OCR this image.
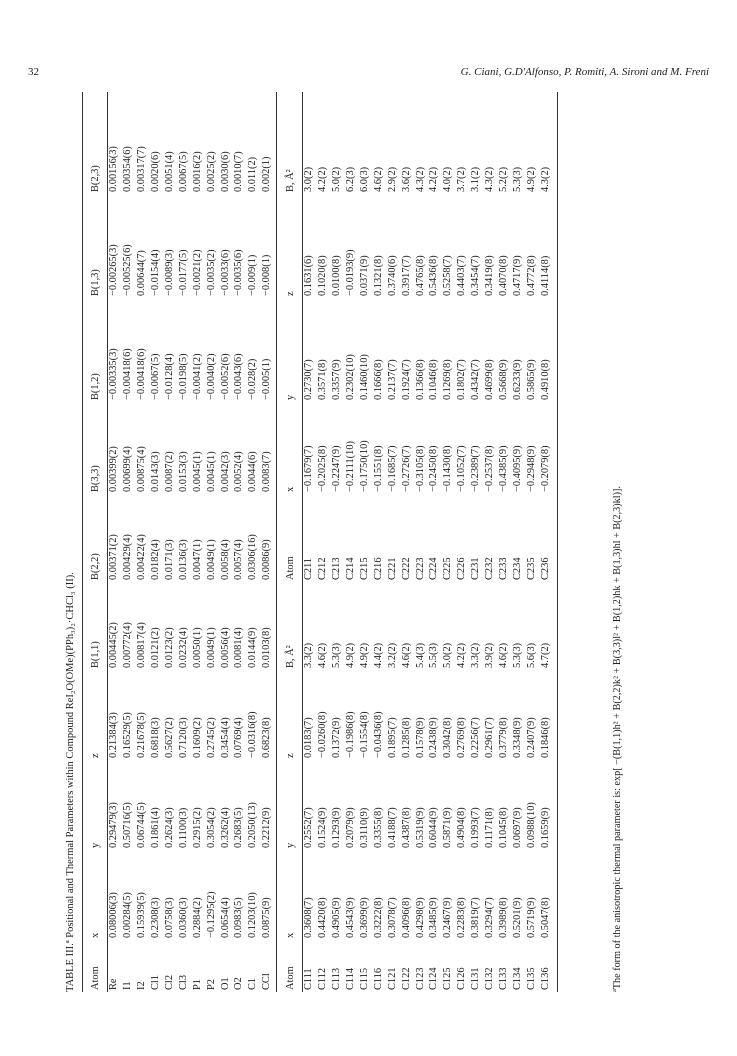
32	G. Ciani, G.D'Alfonso, P. Romiti, A. Sironi and M. Freni
TABLE III.ª Positional and Thermal Parameters within Compound ReI₂O(OMe)(PPh₃)₂·CHCl₃ (II).	Atom	x	y	z	B(1,1)	B(2,2)	B(3,3)	B(1,2)	B(1,3)	B(2,3)
Re	0.08006(3)	0.29479(3)	0.21384(3)	0.00445(2)	0.00371(2)	0.00399(2)	−0.00335(3)	−0.00265(3)	0.00156(3)
I1	0.00284(5)	0.50716(5)	0.16529(5)	0.00772(4)	0.00429(4)	0.00699(4)	−0.00418(6)	−0.00525(6)	0.00354(6)
I2	0.15939(5)	0.06744(5)	0.21678(5)	0.00817(4)	0.00422(4)	0.00875(4)	−0.00418(6)	0.00644(7)	0.00317(7)
Cl1	0.2308(3)	0.1861(4)	0.6818(3)	0.0121(2)	0.0182(4)	0.0143(3)	−0.0067(5)	−0.0154(4)	0.0020(6)
Cl2	0.0758(3)	0.2624(3)	0.5627(2)	0.0123(2)	0.0171(3)	0.0087(2)	−0.0128(4)	−0.0089(3)	0.0051(4)
Cl3	0.0360(3)	0.1100(3)	0.7120(3)	0.0232(4)	0.0136(3)	0.0153(3)	−0.0198(5)	−0.0177(5)	0.0067(5)
P1	0.2884(2)	0.2915(2)	0.1609(2)	0.0050(1)	0.0047(1)	0.0045(1)	−0.0041(2)	−0.0021(2)	0.0016(2)
P2	−0.1295(2)	0.3054(2)	0.2745(2)	0.0049(1)	0.0049(1)	0.0045(1)	−0.0040(2)	−0.0035(2)	0.0025(2)
O1	0.0654(4)	0.3262(4)	0.3454(4)	0.0056(4)	0.0058(4)	0.0042(3)	−0.0052(6)	−0.0033(6)	0.0030(6)
O2	0.0983(5)	0.2683(5)	0.0769(4)	0.0081(4)	0.0057(4)	0.0052(4)	−0.0043(6)	−0.0035(6)	0.0010(7)
C1	0.1203(10)	0.2050(13)	−0.0316(8)	0.0144(9)	0.0306(16)	0.0044(6)	−0.028(2)	−0.009(1)	0.011(2)
CCl	0.0875(9)	0.2212(9)	0.6823(8)	0.0103(8)	0.0086(9)	0.0083(7)	−0.005(1)	−0.008(1)	0.002(1)
Atom	x	y	z	B, Å²	Atom	x	y	z	B, Å²
C111	0.3608(7)	0.2552(7)	0.0183(7)	3.3(2)	C211	−0.1679(7)	0.2730(7)	0.1631(6)	3.0(2)
C112	0.4420(8)	0.1524(9)	−0.0260(8)	4.6(2)	C212	−0.2025(8)	0.3571(8)	0.1020(8)	4.2(2)
C113	0.4905(9)	0.1293(9)	0.1372(9)	5.3(3)	C213	−0.2247(9)	0.3357(9)	0.0100(8)	5.0(2)
C114	0.4543(9)	0.2079(9)	−0.1986(8)	4.9(2)	C214	−0.2111(10)	0.2302(10)	−0.0193(9)	6.2(3)
C115	0.3699(9)	0.3110(9)	−0.1554(8)	4.9(2)	C215	−0.1750(10)	0.1460(10)	0.0371(9)	6.0(3)
C116	0.3222(8)	0.3355(8)	−0.0436(8)	4.4(2)	C216	−0.1551(8)	0.1666(8)	0.1321(8)	4.6(2)
C121	0.3078(7)	0.4188(7)	0.1895(7)	3.2(2)	C221	−0.1685(7)	0.2137(7)	0.3740(6)	2.9(2)
C122	0.4096(8)	0.4387(8)	0.1285(8)	4.6(2)	C222	−0.2726(7)	0.1924(7)	0.3917(7)	3.6(2)
C123	0.4298(9)	0.5319(9)	0.1578(9)	5.4(3)	C223	−0.3105(8)	0.1366(8)	0.4765(8)	4.3(2)
C124	0.3485(9)	0.6044(9)	0.2438(9)	5.5(3)	C224	−0.2450(8)	0.1046(8)	0.5436(8)	4.2(2)
C125	0.2467(9)	0.5871(9)	0.3042(8)	5.0(2)	C225	−0.1430(8)	0.1269(8)	0.5258(7)	4.0(2)
C126	0.2283(8)	0.4904(8)	0.2769(8)	4.2(2)	C226	−0.1052(7)	0.1802(7)	0.4403(7)	3.7(2)
C131	0.3819(7)	0.1993(7)	0.2256(7)	3.3(2)	C231	−0.2389(7)	0.4342(7)	0.3454(7)	3.1(2)
C132	0.3294(7)	0.1171(8)	0.2961(7)	3.9(2)	C232	−0.2537(8)	0.4699(8)	0.3419(8)	4.3(2)
C133	0.3989(8)	0.1045(8)	0.3779(8)	4.6(2)	C233	−0.4385(9)	0.5668(9)	0.4070(8)	5.2(2)
C134	0.5201(9)	0.0697(9)	0.3348(9)	5.3(3)	C234	−0.4095(9)	0.6233(9)	0.4717(9)	5.3(3)
C135	0.5719(9)	0.0988(10)	0.2407(9)	5.6(3)	C235	−0.2948(9)	0.5865(9)	0.4772(8)	4.9(2)
C136	0.5047(8)	0.1659(9)	0.1846(8)	4.7(2)	C236	−0.2079(8)	0.4910(8)	0.4114(8)	4.3(2)
ªThe form of the anisotropic thermal parameter is: exp[ −(B(1,1)h² + B(2,2)k² + B(3,3)l² + B(1,2)hk + B(1,3)hl + B(2,3)kl)].
